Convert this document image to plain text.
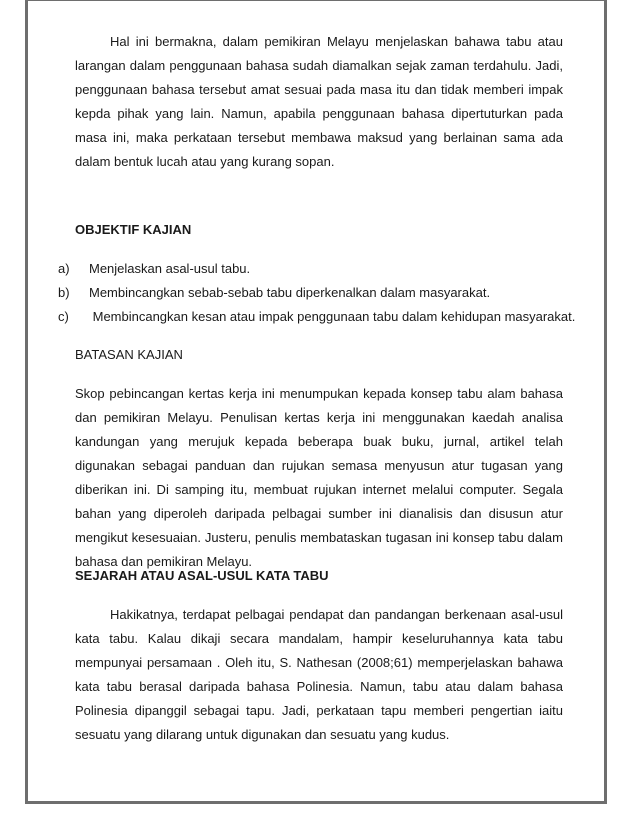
Hal ini bermakna, dalam pemikiran Melayu menjelaskan bahawa tabu atau larangan dalam penggunaan bahasa sudah diamalkan sejak zaman terdahulu. Jadi, penggunaan bahasa tersebut amat sesuai pada masa itu dan tidak memberi impak kepda pihak yang lain. Namun, apabila penggunaan bahasa dipertuturkan pada masa ini, maka perkataan tersebut membawa maksud yang berlainan sama ada dalam bentuk lucah atau yang kurang sopan.

OBJEKTIF KAJIAN
a) Menjelaskan asal-usul tabu.
b) Membincangkan sebab-sebab tabu diperkenalkan dalam masyarakat.
c) Membincangkan kesan atau impak penggunaan tabu dalam kehidupan masyarakat.
BATASAN KAJIAN

Skop pebincangan kertas kerja ini menumpukan kepada konsep tabu alam bahasa dan pemikiran Melayu. Penulisan kertas kerja ini menggunakan kaedah analisa kandungan yang merujuk kepada beberapa buak buku, jurnal, artikel telah digunakan sebagai panduan dan rujukan semasa menyusun atur tugasan yang diberikan ini. Di samping itu, membuat rujukan internet melalui computer. Segala bahan yang diperoleh daripada pelbagai sumber ini dianalisis dan disusun atur mengikut kesesuaian. Justeru, penulis membataskan tugasan ini konsep tabu dalam bahasa dan pemikiran Melayu.

SEJARAH ATAU ASAL-USUL KATA TABU

Hakikatnya, terdapat pelbagai pendapat dan pandangan berkenaan asal-usul kata tabu. Kalau dikaji secara mandalam, hampir keseluruhannya kata tabu mempunyai persamaan . Oleh itu, S. Nathesan (2008;61) memperjelaskan bahawa kata tabu berasal daripada bahasa Polinesia. Namun, tabu atau dalam bahasa Polinesia dipanggil sebagai tapu. Jadi, perkataan tapu memberi pengertian iaitu sesuatu yang dilarang untuk digunakan dan sesuatu yang kudus.
